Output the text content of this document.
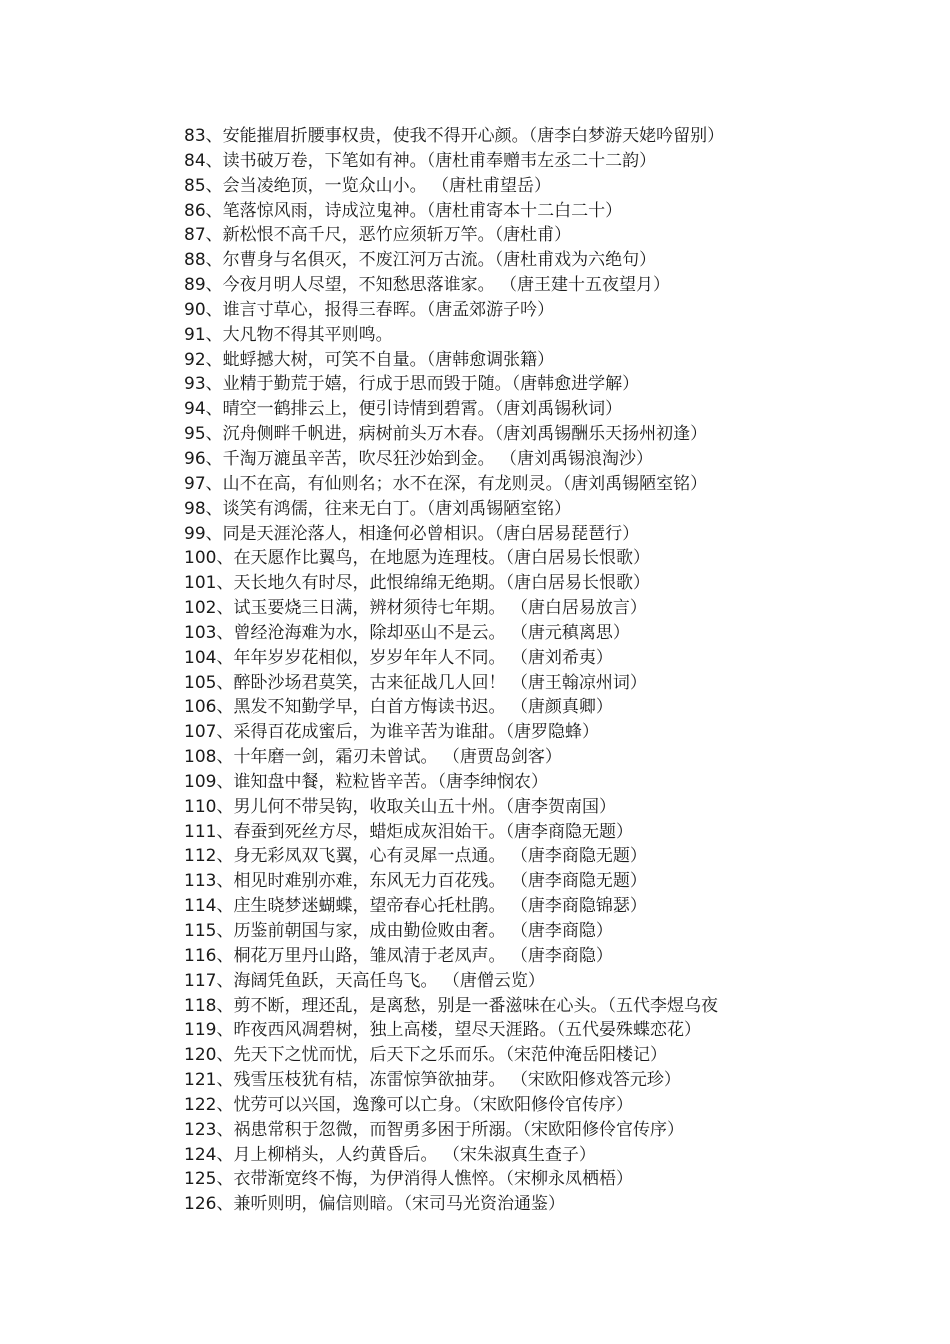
83、安能摧眉折腰事权贵，使我不得开心颜。（唐李白梦游天姥吟留别）
84、读书破万卷，下笔如有神。（唐杜甫奉赠韦左丞二十二韵）
85、会当凌绝顶，一览众山小。 （唐杜甫望岳）
86、笔落惊风雨，诗成泣鬼神。（唐杜甫寄本十二白二十）
87、新松恨不高千尺，恶竹应须斩万竿。（唐杜甫）
88、尔曹身与名俱灭，不废江河万古流。（唐杜甫戏为六绝句）
89、今夜月明人尽望，不知愁思落谁家。 （唐王建十五夜望月）
90、谁言寸草心，报得三春晖。（唐孟郊游子吟）
91、大凡物不得其平则鸣。
92、蚍蜉撼大树，可笑不自量。（唐韩愈调张籍）
93、业精于勤荒于嬉，行成于思而毁于随。（唐韩愈进学解）
94、晴空一鹤排云上，便引诗情到碧霄。（唐刘禹锡秋词）
95、沉舟侧畔千帆进，病树前头万木春。（唐刘禹锡酬乐天扬州初逢）
96、千淘万漉虽辛苦，吹尽狂沙始到金。 （唐刘禹锡浪淘沙）
97、山不在高，有仙则名；水不在深，有龙则灵。（唐刘禹锡陋室铭）
98、谈笑有鸿儒，往来无白丁。（唐刘禹锡陋室铭）
99、同是天涯沦落人，相逢何必曾相识。（唐白居易琵琶行）
100、在天愿作比翼鸟，在地愿为连理枝。（唐白居易长恨歌）
101、天长地久有时尽，此恨绵绵无绝期。（唐白居易长恨歌）
102、试玉要烧三日满，辨材须待七年期。 （唐白居易放言）
103、曾经沧海难为水，除却巫山不是云。 （唐元稹离思）
104、年年岁岁花相似，岁岁年年人不同。 （唐刘希夷）
105、醉卧沙场君莫笑，古来征战几人回！ （唐王翰凉州词）
106、黑发不知勤学早，白首方悔读书迟。 （唐颜真卿）
107、采得百花成蜜后，为谁辛苦为谁甜。（唐罗隐蜂）
108、十年磨一剑，霜刃未曾试。 （唐贾岛剑客）
109、谁知盘中餐，粒粒皆辛苦。（唐李绅悯农）
110、男儿何不带吴钩，收取关山五十州。（唐李贺南国）
111、春蚕到死丝方尽，蜡炬成灰泪始干。（唐李商隐无题）
112、身无彩凤双飞翼，心有灵犀一点通。 （唐李商隐无题）
113、相见时难别亦难，东风无力百花残。 （唐李商隐无题）
114、庄生晓梦迷蝴蝶，望帝春心托杜鹃。 （唐李商隐锦瑟）
115、历鉴前朝国与家，成由勤俭败由奢。 （唐李商隐）
116、桐花万里丹山路，雏凤清于老凤声。 （唐李商隐）
117、海阔凭鱼跃，天高任鸟飞。 （唐僧云览）
118、剪不断，理还乱，是离愁，别是一番滋味在心头。（五代李煜乌夜
119、昨夜西风凋碧树，独上高楼，望尽天涯路。（五代晏殊蝶恋花）
120、先天下之忧而忧，后天下之乐而乐。（宋范仲淹岳阳楼记）
121、残雪压枝犹有桔，冻雷惊笋欲抽芽。 （宋欧阳修戏答元珍）
122、忧劳可以兴国，逸豫可以亡身。（宋欧阳修伶官传序）
123、祸患常积于忽微，而智勇多困于所溺。（宋欧阳修伶官传序）
124、月上柳梢头，人约黄昏后。 （宋朱淑真生查子）
125、衣带渐宽终不悔，为伊消得人憔悴。（宋柳永凤栖梧）
126、兼听则明，偏信则暗。（宋司马光资治通鉴）
